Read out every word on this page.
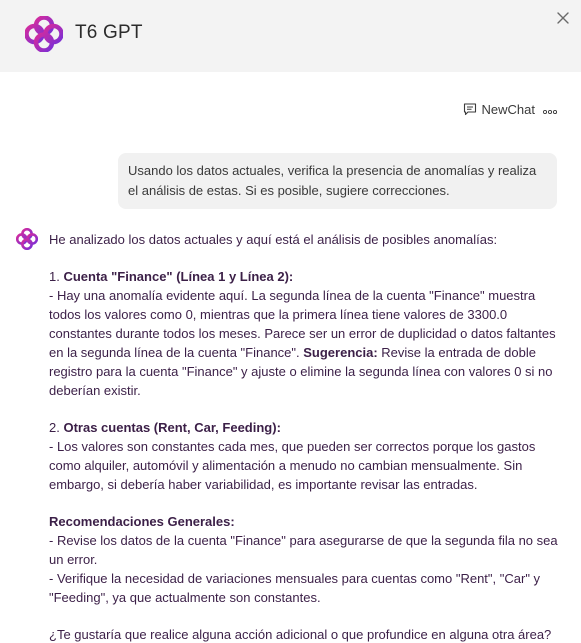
T6 GPT
NewChat
Usando los datos actuales, verifica la presencia de anomalías y realiza el análisis de estas. Si es posible, sugiere correcciones.

He analizado los datos actuales y aquí está el análisis de posibles anomalías:

1. Cuenta "Finance" (Línea 1 y Línea 2):

- Hay una anomalía evidente aquí. La segunda línea de la cuenta "Finance" muestra todos los valores como 0, mientras que la primera línea tiene valores de 3300.0 constantes durante todos los meses. Parece ser un error de duplicidad o datos faltantes en la segunda línea de la cuenta "Finance". Sugerencia: Revise la entrada de doble registro para la cuenta "Finance" y ajuste o elimine la segunda línea con valores 0 si no deberían existir.

2. Otras cuentas (Rent, Car, Feeding):

- Los valores son constantes cada mes, que pueden ser correctos porque los gastos como alquiler, automóvil y alimentación a menudo no cambian mensualmente. Sin embargo, si debería haber variabilidad, es importante revisar las entradas.

Recomendaciones Generales:

- Revise los datos de la cuenta "Finance" para asegurarse de que la segunda fila no sea un error.

- Verifique la necesidad de variaciones mensuales para cuentas como "Rent", "Car" y "Feeding", ya que actualmente son constantes.

¿Te gustaría que realice alguna acción adicional o que profundice en alguna otra área?
